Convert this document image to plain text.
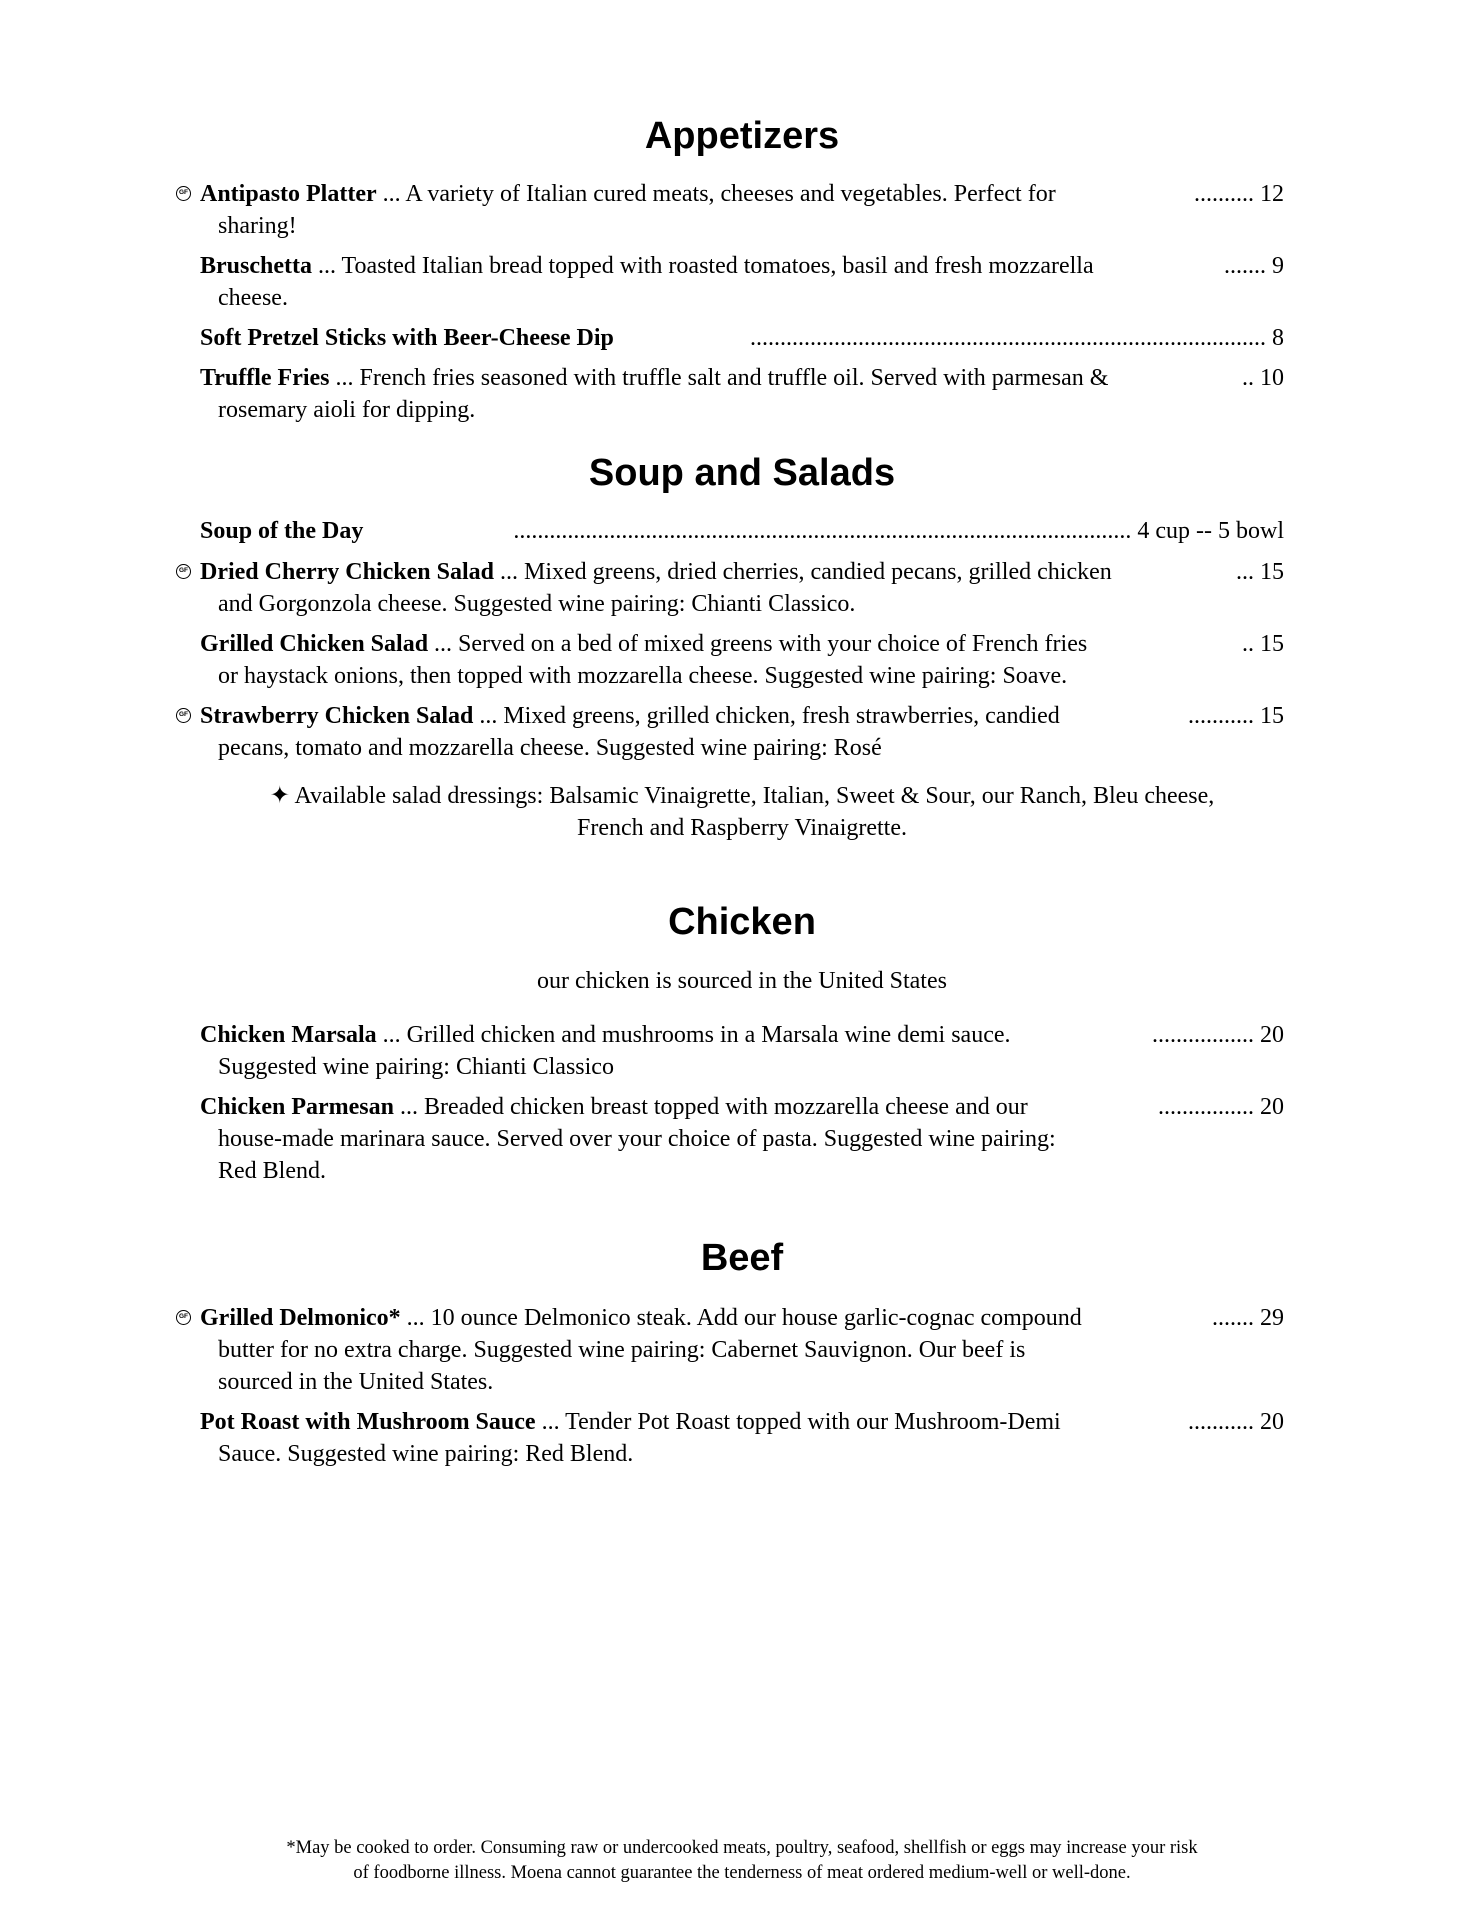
Appetizers
GF Antipasto Platter ... A variety of Italian cured meats, cheeses and vegetables. Perfect for	.......... 12
sharing!
Bruschetta ... Toasted Italian bread topped with roasted tomatoes, basil and fresh mozzarella	....... 9
cheese.
Soft Pretzel Sticks with Beer-Cheese Dip	...................................................................................... 8
Truffle Fries ... French fries seasoned with truffle salt and truffle oil. Served with parmesan &	.. 10
rosemary aioli for dipping.
Soup and Salads
Soup of the Day	....................................................................................................... 4 cup -- 5 bowl
GF Dried Cherry Chicken Salad ... Mixed greens, dried cherries, candied pecans, grilled chicken	... 15
and Gorgonzola cheese. Suggested wine pairing: Chianti Classico.
Grilled Chicken Salad ... Served on a bed of mixed greens with your choice of French fries	.. 15
or haystack onions, then topped with mozzarella cheese. Suggested wine pairing: Soave.
GF Strawberry Chicken Salad ... Mixed greens, grilled chicken, fresh strawberries, candied	........... 15
pecans, tomato and mozzarella cheese. Suggested wine pairing: Rosé
✦ Available salad dressings: Balsamic Vinaigrette, Italian, Sweet & Sour, our Ranch, Bleu cheese,
French and Raspberry Vinaigrette.
Chicken
our chicken is sourced in the United States
Chicken Marsala ... Grilled chicken and mushrooms in a Marsala wine demi sauce.	................. 20
Suggested wine pairing: Chianti Classico
Chicken Parmesan ... Breaded chicken breast topped with mozzarella cheese and our	................ 20
house-made marinara sauce. Served over your choice of pasta. Suggested wine pairing:
Red Blend.
Beef
GF Grilled Delmonico* ... 10 ounce Delmonico steak. Add our house garlic-cognac compound	....... 29
butter for no extra charge. Suggested wine pairing: Cabernet Sauvignon. Our beef is
sourced in the United States.
Pot Roast with Mushroom Sauce ... Tender Pot Roast topped with our Mushroom-Demi	........... 20
Sauce. Suggested wine pairing: Red Blend.
*May be cooked to order. Consuming raw or undercooked meats, poultry, seafood, shellfish or eggs may increase your risk
of foodborne illness. Moena cannot guarantee the tenderness of meat ordered medium-well or well-done.
